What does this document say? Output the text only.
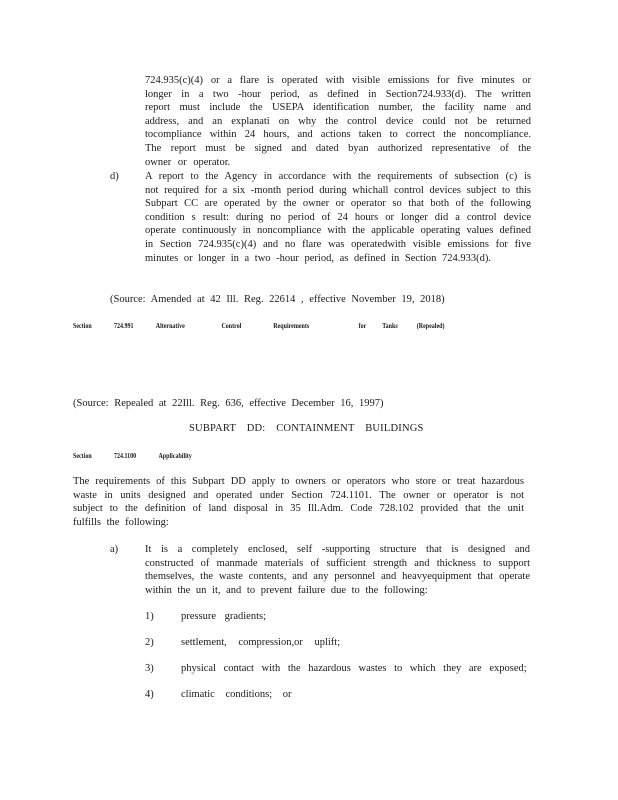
724.935(c)(4) or a flare is operated with visible emissions for five minutes or longer in a two -hour period, as defined in Section724.933(d). The written report must include the USEPA identification number, the facility name and address, and an explanati on why the control device could not be returned tocompliance within 24 hours, and actions taken to correct the noncompliance. The report must be signed and dated byan authorized representative of the owner or operator.

d)	A report to the Agency in accordance with the requirements of subsection (c) is not required for a six -month period during whichall control devices subject to this Subpart CC are operated by the owner or operator so that both of the following condition s result: during no period of 24 hours or longer did a control device operate continuously in noncompliance with the applicable operating values defined in Section 724.935(c)(4) and no flare was operatedwith visible emissions for five minutes or longer in a two -hour period, as defined in Section 724.933(d).

(Source: Amended at 42 Ill. Reg. 22614 , effective November 19, 2018)

Section	724.991	Alternative	Control	Requirements	for Tanks	(Repealed)

(Source: Repealed at 22Ill. Reg. 636, effective December 16, 1997)

SUBPART DD: CONTAINMENT BUILDINGS

Section	724.1100	Applicability

The requirements of this Subpart DD apply to owners or operators who store or treat hazardous waste in units designed and operated under Section 724.1101. The owner or operator is not subject to the definition of land disposal in 35 Ill.Adm. Code 728.102 provided that the unit fulfills the following:

a)	It is a completely enclosed, self -supporting structure that is designed and constructed of manmade materials of sufficient strength and thickness to support themselves, the waste contents, and any personnel and heavyequipment that operate within the un it, and to prevent failure due to the following:

1)	pressure gradients;

2)	settlement, compression,or uplift;

3)	physical contact with the hazardous wastes to which they are exposed;

4)	climatic conditions; or
